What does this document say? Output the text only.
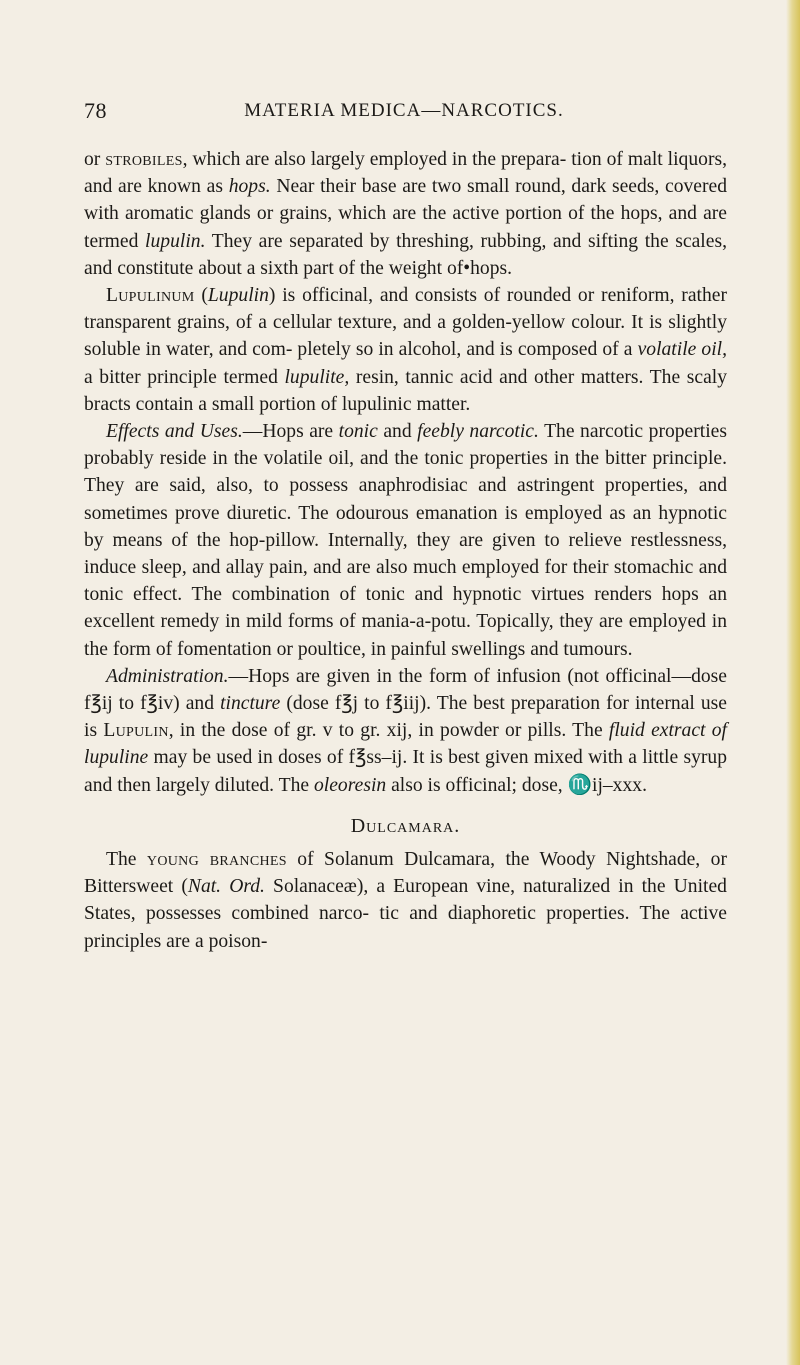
78	MATERIA MEDICA—NARCOTICS.

or strobiles, which are also largely employed in the prepara- tion of malt liquors, and are known as hops. Near their base are two small round, dark seeds, covered with aromatic glands or grains, which are the active portion of the hops, and are termed lupulin. They are separated by threshing, rubbing, and sifting the scales, and constitute about a sixth part of the weight of•hops.

Lupulinum (Lupulin) is officinal, and consists of rounded or reniform, rather transparent grains, of a cellular texture, and a golden-yellow colour. It is slightly soluble in water, and com- pletely so in alcohol, and is composed of a volatile oil, a bitter principle termed lupulite, resin, tannic acid and other matters. The scaly bracts contain a small portion of lupulinic matter.

Effects and Uses.—Hops are tonic and feebly narcotic. The narcotic properties probably reside in the volatile oil, and the tonic properties in the bitter principle. They are said, also, to possess anaphrodisiac and astringent properties, and sometimes prove diuretic. The odourous emanation is employed as an hypnotic by means of the hop-pillow. Internally, they are given to relieve restlessness, induce sleep, and allay pain, and are also much employed for their stomachic and tonic effect. The combination of tonic and hypnotic virtues renders hops an excellent remedy in mild forms of mania-a-potu. Topically, they are employed in the form of fomentation or poultice, in painful swellings and tumours.

Administration.—Hops are given in the form of infusion (not officinal—dose f℥ij to f℥iv) and tincture (dose f℥j to f℥iij). The best preparation for internal use is Lupulin, in the dose of gr. v to gr. xij, in powder or pills. The fluid extract of lupuline may be used in doses of f℥ss–ij. It is best given mixed with a little syrup and then largely diluted. The oleoresin also is officinal; dose, ♏ij–xxx.

Dulcamara.

The young branches of Solanum Dulcamara, the Woody Nightshade, or Bittersweet (Nat. Ord. Solanaceæ), a European vine, naturalized in the United States, possesses combined narco- tic and diaphoretic properties. The active principles are a poison-
